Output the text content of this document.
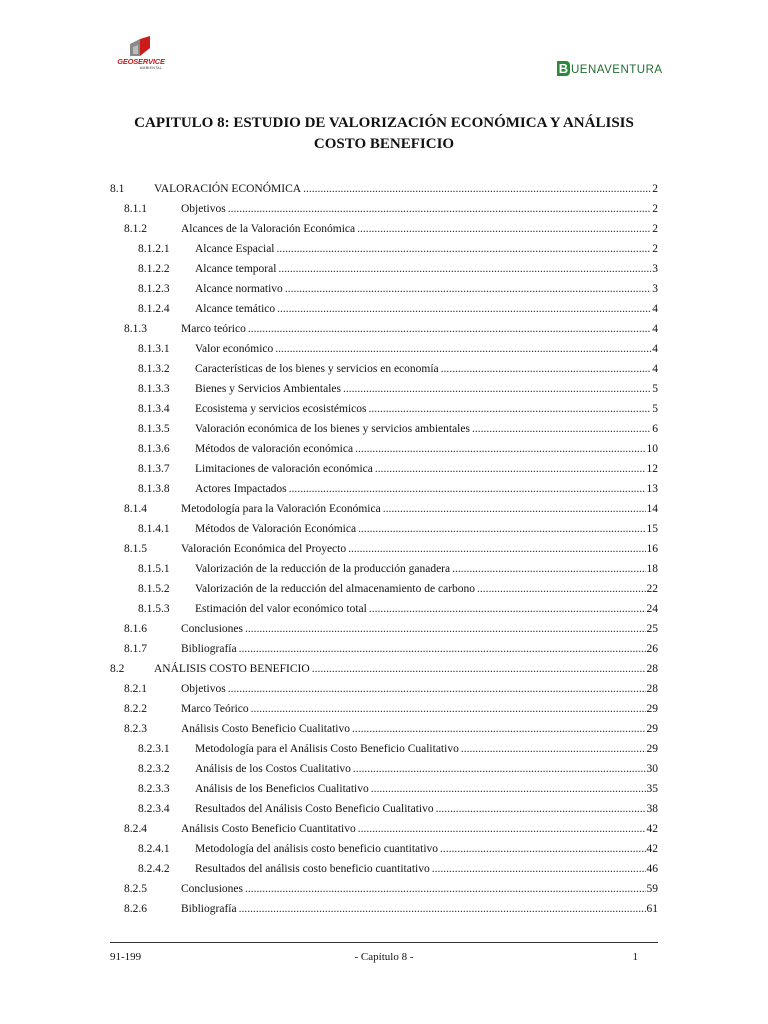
GEOSERVICE
AMBIENTAL	B UENAVENTURA
CAPITULO 8: ESTUDIO DE VALORIZACIÓN ECONÓMICA Y ANÁLISIS
COSTO BENEFICIO
8.1	VALORACIÓN ECONÓMICA .....	2
8.1.1	Objetivos .....	2
8.1.2	Alcances de la Valoración Económica .....	2
8.1.2.1	Alcance Espacial .....	2
8.1.2.2	Alcance temporal .....	3
8.1.2.3	Alcance normativo .....	3
8.1.2.4	Alcance temático .....	4
8.1.3	Marco teórico .....	4
8.1.3.1	Valor económico .....	4
8.1.3.2	Características de los bienes y servicios en economía .....	4
8.1.3.3	Bienes y Servicios Ambientales .....	5
8.1.3.4	Ecosistema y servicios ecosistémicos .....	5
8.1.3.5	Valoración económica de los bienes y servicios ambientales .....	6
8.1.3.6	Métodos de valoración económica .....	10
8.1.3.7	Limitaciones de valoración económica .....	12
8.1.3.8	Actores Impactados .....	13
8.1.4	Metodología para la Valoración Económica .....	14
8.1.4.1	Métodos de Valoración Económica .....	15
8.1.5	Valoración Económica del Proyecto .....	16
8.1.5.1	Valorización de la reducción de la producción ganadera .....	18
8.1.5.2	Valorización de la reducción del almacenamiento de carbono .....	22
8.1.5.3	Estimación del valor económico total .....	24
8.1.6	Conclusiones .....	25
8.1.7	Bibliografía .....	26
8.2	ANÁLISIS COSTO BENEFICIO .....	28
8.2.1	Objetivos .....	28
8.2.2	Marco Teórico .....	29
8.2.3	Análisis Costo Beneficio Cualitativo .....	29
8.2.3.1	Metodología para el Análisis Costo Beneficio Cualitativo .....	29
8.2.3.2	Análisis de los Costos Cualitativo .....	30
8.2.3.3	Análisis de los Beneficios Cualitativo .....	35
8.2.3.4	Resultados del Análisis Costo Beneficio Cualitativo .....	38
8.2.4	Análisis Costo Beneficio Cuantitativo .....	42
8.2.4.1	Metodología del análisis costo beneficio cuantitativo .....	42
8.2.4.2	Resultados del análisis costo beneficio cuantitativo .....	46
8.2.5	Conclusiones .....	59
8.2.6	Bibliografía .....	61
91-199	- Capítulo 8 -	1
